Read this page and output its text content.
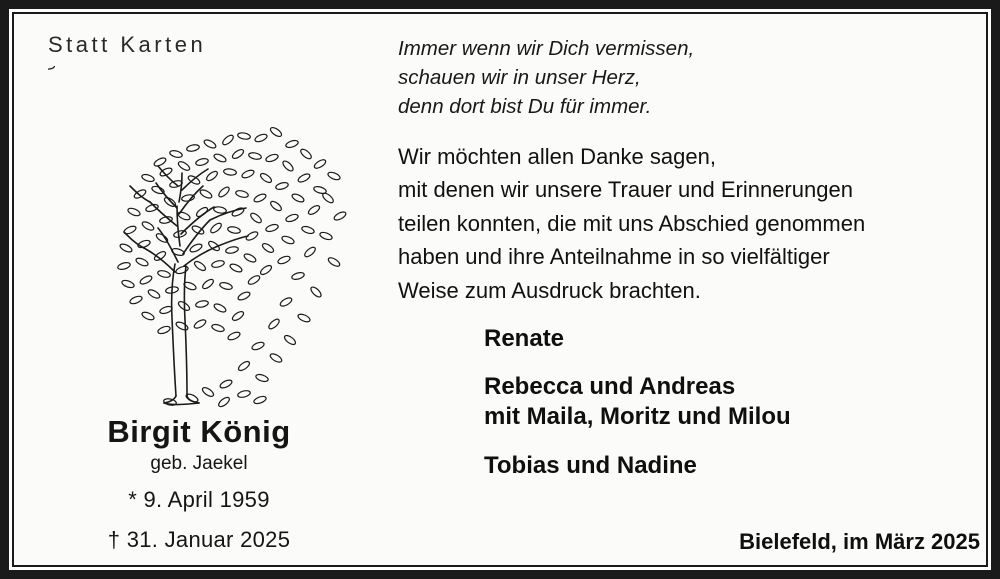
Statt Karten
Birgit König
geb. Jaekel
* 9. April 1959
† 31. Januar 2025
Immer wenn wir Dich vermissen,
schauen wir in unser Herz,
denn dort bist Du für immer.
Wir möchten allen Danke sagen,
mit denen wir unsere Trauer und Erinnerungen
teilen konnten, die mit uns Abschied genommen
haben und ihre Anteilnahme in so vielfältiger
Weise zum Ausdruck brachten.
Renate
Rebecca und Andreas
mit Maila, Moritz und Milou
Tobias und Nadine
Bielefeld, im März 2025
